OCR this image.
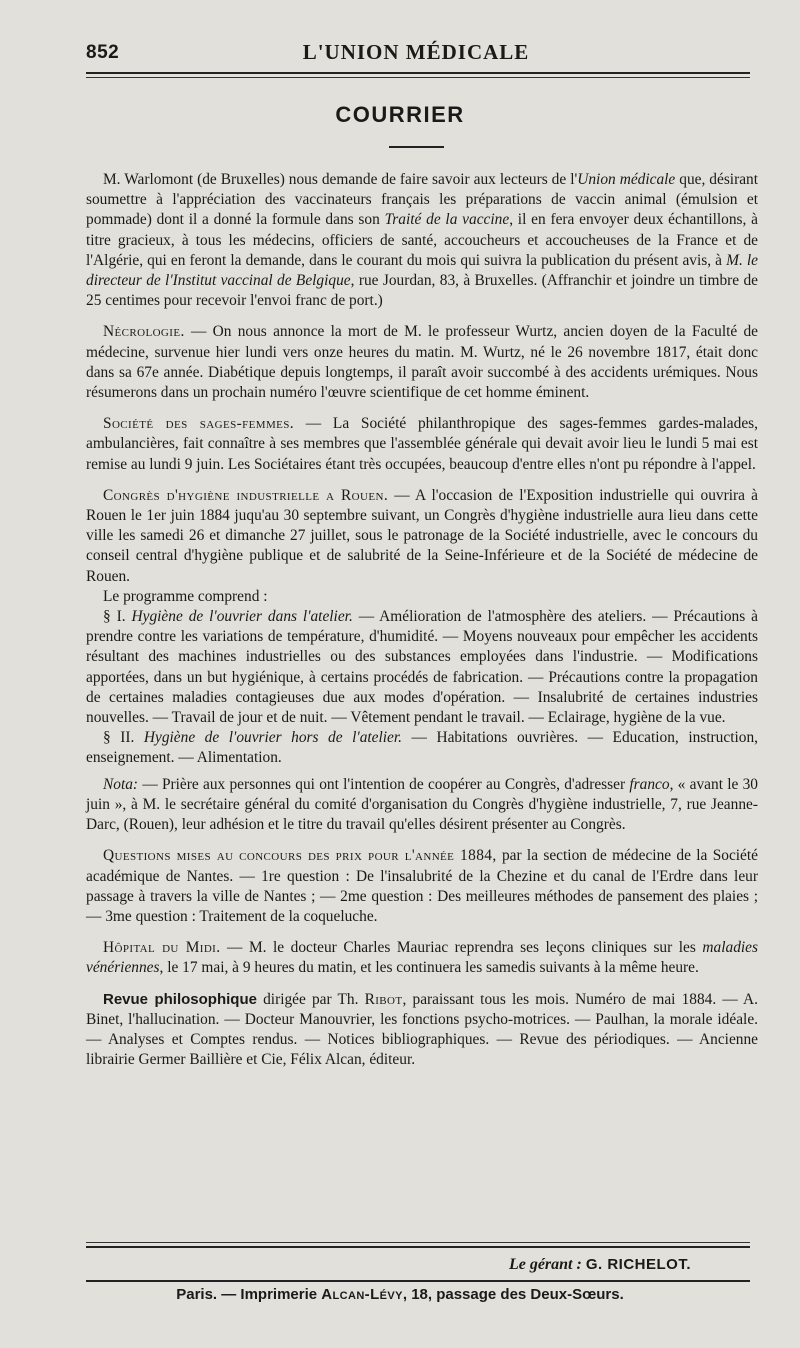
852	L'UNION MÉDICALE
COURRIER

M. Warlomont (de Bruxelles) nous demande de faire savoir aux lecteurs de l'Union médicale que, désirant soumettre à l'appréciation des vaccinateurs français les préparations de vaccin animal (émulsion et pommade) dont il a donné la formule dans son Traité de la vaccine, il en fera envoyer deux échantillons, à titre gracieux, à tous les médecins, officiers de santé, accoucheurs et accoucheuses de la France et de l'Algérie, qui en feront la demande, dans le courant du mois qui suivra la publication du présent avis, à M. le directeur de l'Institut vaccinal de Belgique, rue Jourdan, 83, à Bruxelles. (Affranchir et joindre un timbre de 25 centimes pour recevoir l'envoi franc de port.)

Nécrologie. — On nous annonce la mort de M. le professeur Wurtz, ancien doyen de la Faculté de médecine, survenue hier lundi vers onze heures du matin. M. Wurtz, né le 26 novembre 1817, était donc dans sa 67e année. Diabétique depuis longtemps, il paraît avoir succombé à des accidents urémiques. Nous résumerons dans un prochain numéro l'œuvre scientifique de cet homme éminent.

Société des sages-femmes. — La Société philanthropique des sages-femmes gardes-malades, ambulancières, fait connaître à ses membres que l'assemblée générale qui devait avoir lieu le lundi 5 mai est remise au lundi 9 juin. Les Sociétaires étant très occupées, beaucoup d'entre elles n'ont pu répondre à l'appel.

Congrès d'hygiène industrielle a Rouen. — A l'occasion de l'Exposition industrielle qui ouvrira à Rouen le 1er juin 1884 juqu'au 30 septembre suivant, un Congrès d'hygiène industrielle aura lieu dans cette ville les samedi 26 et dimanche 27 juillet, sous le patronage de la Société industrielle, avec le concours du conseil central d'hygiène publique et de salubrité de la Seine-Inférieure et de la Société de médecine de Rouen.

Le programme comprend :

§ I. Hygiène de l'ouvrier dans l'atelier. — Amélioration de l'atmosphère des ateliers. — Précautions à prendre contre les variations de température, d'humidité. — Moyens nouveaux pour empêcher les accidents résultant des machines industrielles ou des substances employées dans l'industrie. — Modifications apportées, dans un but hygiénique, à certains procédés de fabrication. — Précautions contre la propagation de certaines maladies contagieuses due aux modes d'opération. — Insalubrité de certaines industries nouvelles. — Travail de jour et de nuit. — Vêtement pendant le travail. — Eclairage, hygiène de la vue.

§ II. Hygiène de l'ouvrier hors de l'atelier. — Habitations ouvrières. — Education, instruction, enseignement. — Alimentation.

Nota: — Prière aux personnes qui ont l'intention de coopérer au Congrès, d'adresser franco, « avant le 30 juin », à M. le secrétaire général du comité d'organisation du Congrès d'hygiène industrielle, 7, rue Jeanne-Darc, (Rouen), leur adhésion et le titre du travail qu'elles désirent présenter au Congrès.

Questions mises au concours des prix pour l'année 1884, par la section de médecine de la Société académique de Nantes. — 1re question : De l'insalubrité de la Chezine et du canal de l'Erdre dans leur passage à travers la ville de Nantes ; — 2me question : Des meilleures méthodes de pansement des plaies ; — 3me question : Traitement de la coqueluche.

Hôpital du Midi. — M. le docteur Charles Mauriac reprendra ses leçons cliniques sur les maladies vénériennes, le 17 mai, à 9 heures du matin, et les continuera les samedis suivants à la même heure.

Revue philosophique dirigée par Th. Ribot, paraissant tous les mois. Numéro de mai 1884. — A. Binet, l'hallucination. — Docteur Manouvrier, les fonctions psycho-motrices. — Paulhan, la morale idéale. — Analyses et Comptes rendus. — Notices bibliographiques. — Revue des périodiques. — Ancienne librairie Germer Baillière et Cie, Félix Alcan, éditeur.

Le gérant : G. RICHELOT.
Paris. — Imprimerie Alcan-Lévy, 18, passage des Deux-Sœurs.
